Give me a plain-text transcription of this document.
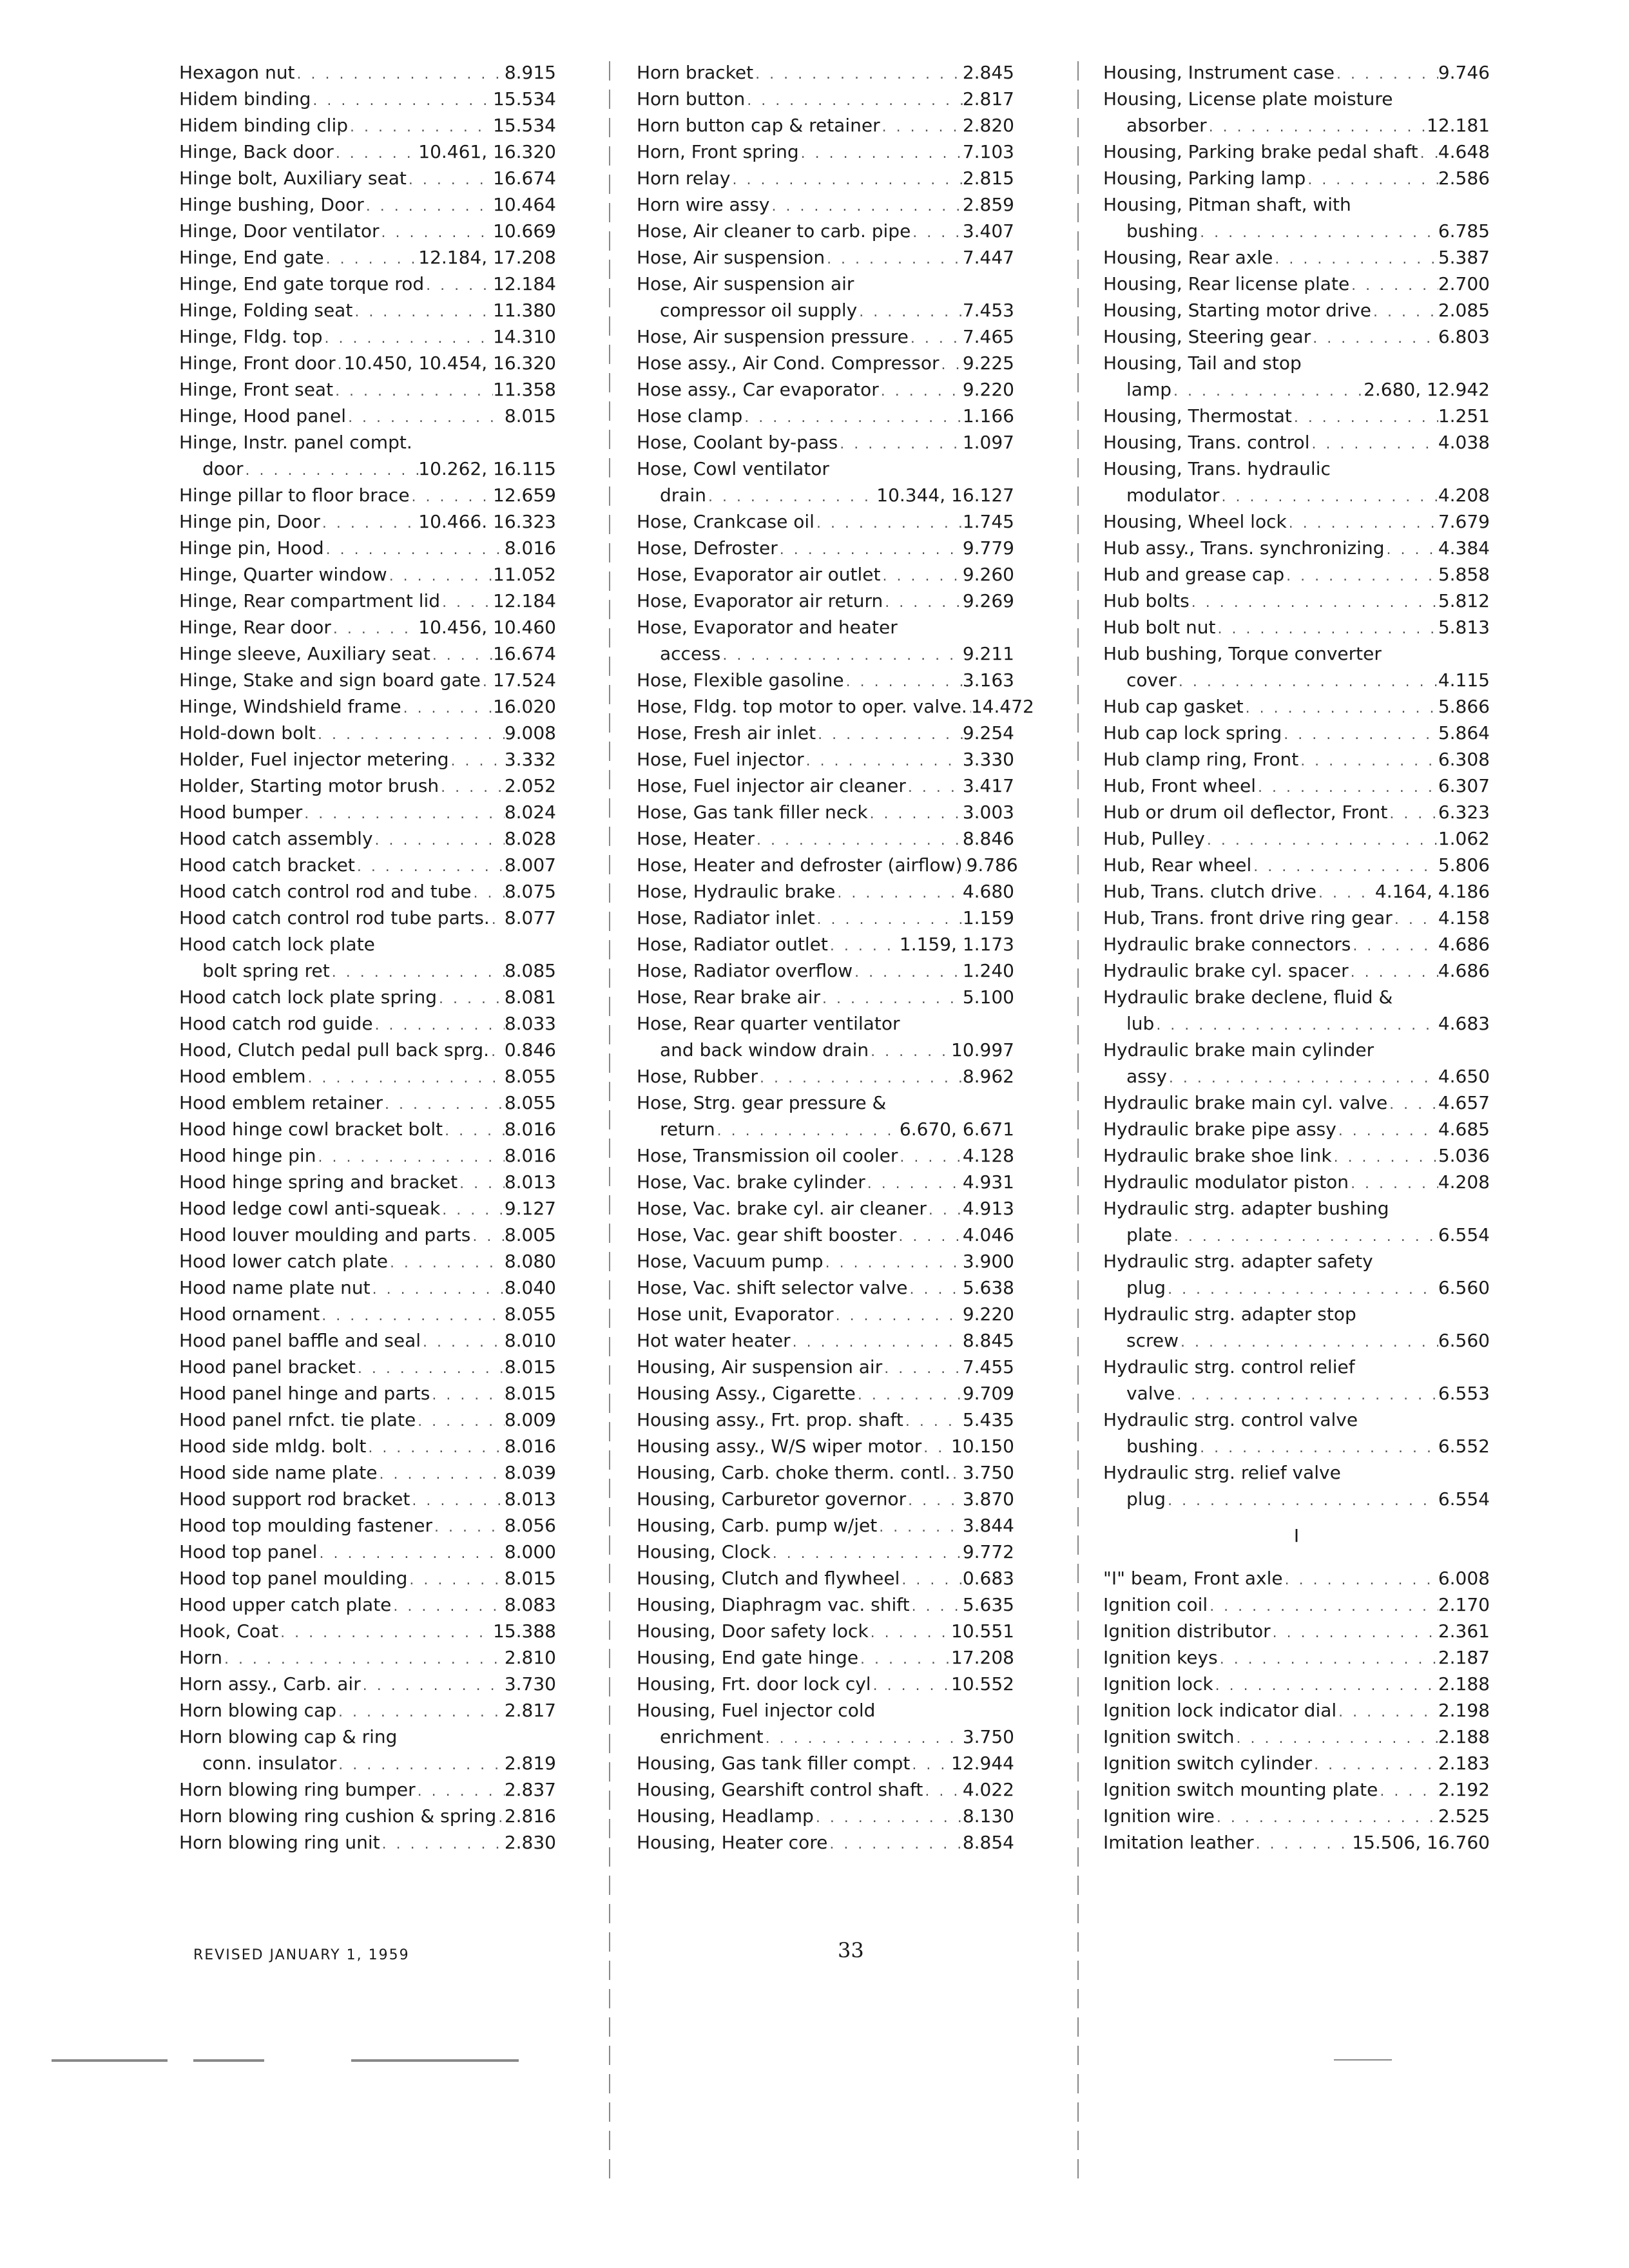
Hexagon nut . . .	8.915
Hidem binding . . .	15.534
Hidem binding clip . . .	15.534
Hinge, Back door . . .	10.461, 16.320
Hinge bolt, Auxiliary seat . . .	16.674
Hinge bushing, Door . . .	10.464
Hinge, Door ventilator . . .	10.669
Hinge, End gate . . .	12.184, 17.208
Hinge, End gate torque rod . . .	12.184
Hinge, Folding seat . . .	11.380
Hinge, Fldg. top . . .	14.310
Hinge, Front door . . . 10.450, 10.454, 16.320
Hinge, Front seat . . .	11.358
Hinge, Hood panel . . .	8.015
Hinge, Instr. panel compt.
door . . .	10.262, 16.115
Hinge pillar to floor brace . . .	12.659
Hinge pin, Door . . .	10.466. 16.323
Hinge pin, Hood . . .	8.016
Hinge, Quarter window . . .	11.052
Hinge, Rear compartment lid . . .	12.184
Hinge, Rear door . . .	10.456, 10.460
Hinge sleeve, Auxiliary seat . . .	16.674
Hinge, Stake and sign board gate . . . 17.524
Hinge, Windshield frame . . .	16.020
Hold-down bolt . . .	9.008
Holder, Fuel injector metering . . .	3.332
Holder, Starting motor brush . . .	2.052
Hood bumper . . .	8.024
Hood catch assembly . . .	8.028
Hood catch bracket . . .	8.007
Hood catch control rod and tube . . . 8.075
Hood catch control rod tube parts. . . . 8.077
Hood catch lock plate
bolt spring ret . . .	8.085
Hood catch lock plate spring . . .	8.081
Hood catch rod guide . . .	8.033
Hood, Clutch pedal pull back sprg. . . . 0.846
Hood emblem . . .	8.055
Hood emblem retainer . . .	8.055
Hood hinge cowl bracket bolt . . .	8.016
Hood hinge pin . . .	8.016
Hood hinge spring and bracket . . .	8.013
Hood ledge cowl anti-squeak . . .	9.127
Hood louver moulding and parts . . . 8.005
Hood lower catch plate . . .	8.080
Hood name plate nut . . .	8.040
Hood ornament . . .	8.055
Hood panel baffle and seal . . .	8.010
Hood panel bracket . . .	8.015
Hood panel hinge and parts . . .	8.015
Hood panel rnfct. tie plate . . .	8.009
Hood side mldg. bolt . . .	8.016
Hood side name plate . . .	8.039
Hood support rod bracket . . .	8.013
Hood top moulding fastener . . .	8.056
Hood top panel . . .	8.000
Hood top panel moulding . . .	8.015
Hood upper catch plate . . .	8.083
Hook, Coat . . .	15.388
Horn . . .	2.810
Horn assy., Carb. air . . .	3.730
Horn blowing cap . . .	2.817
Horn blowing cap & ring
conn. insulator . . .	2.819
Horn blowing ring bumper . . .	2.837
Horn blowing ring cushion & spring . . . 2.816
Horn blowing ring unit . . .	2.830
Horn bracket . . .	2.845
Horn button . . .	2.817
Horn button cap & retainer . . .	2.820
Horn, Front spring . . .	7.103
Horn relay . . .	2.815
Horn wire assy . . .	2.859
Hose, Air cleaner to carb. pipe . . .	3.407
Hose, Air suspension . . .	7.447
Hose, Air suspension air
compressor oil supply . . .	7.453
Hose, Air suspension pressure . . .	7.465
Hose assy., Air Cond. Compressor . . . 9.225
Hose assy., Car evaporator . . .	9.220
Hose clamp . . .	1.166
Hose, Coolant by-pass . . .	1.097
Hose, Cowl ventilator
drain . . .	10.344, 16.127
Hose, Crankcase oil . . .	1.745
Hose, Defroster . . .	9.779
Hose, Evaporator air outlet . . .	9.260
Hose, Evaporator air return . . .	9.269
Hose, Evaporator and heater
access . . .	9.211
Hose, Flexible gasoline . . .	3.163
Hose, Fldg. top motor to oper. valve. . . . 14.472
Hose, Fresh air inlet . . .	9.254
Hose, Fuel injector . . .	3.330
Hose, Fuel injector air cleaner . . .	3.417
Hose, Gas tank filler neck . . .	3.003
Hose, Heater . . .	8.846
Hose, Heater and defroster (airflow) . . . 9.786
Hose, Hydraulic brake . . .	4.680
Hose, Radiator inlet . . .	1.159
Hose, Radiator outlet . . .	1.159, 1.173
Hose, Radiator overflow . . .	1.240
Hose, Rear brake air . . .	5.100
Hose, Rear quarter ventilator
and back window drain . . .	10.997
Hose, Rubber . . .	8.962
Hose, Strg. gear pressure &
return . . .	6.670, 6.671
Hose, Transmission oil cooler . . .	4.128
Hose, Vac. brake cylinder . . .	4.931
Hose, Vac. brake cyl. air cleaner . . . 4.913
Hose, Vac. gear shift booster . . .	4.046
Hose, Vacuum pump . . .	3.900
Hose, Vac. shift selector valve . . .	5.638
Hose unit, Evaporator . . .	9.220
Hot water heater . . .	8.845
Housing, Air suspension air . . .	7.455
Housing Assy., Cigarette . . .	9.709
Housing assy., Frt. prop. shaft . . .	5.435
Housing assy., W/S wiper motor . . . 10.150
Housing, Carb. choke therm. contl. . . . 3.750
Housing, Carburetor governor . . .	3.870
Housing, Carb. pump w/jet . . .	3.844
Housing, Clock . . .	9.772
Housing, Clutch and flywheel . . .	0.683
Housing, Diaphragm vac. shift . . .	5.635
Housing, Door safety lock . . .	10.551
Housing, End gate hinge . . .	17.208
Housing, Frt. door lock cyl . . .	10.552
Housing, Fuel injector cold
enrichment . . .	3.750
Housing, Gas tank filler compt . . . 12.944
Housing, Gearshift control shaft . . . 4.022
Housing, Headlamp . . .	8.130
Housing, Heater core . . .	8.854
Housing, Instrument case . . .	9.746
Housing, License plate moisture
absorber . . .	12.181
Housing, Parking brake pedal shaft . . . 4.648
Housing, Parking lamp . . .	2.586
Housing, Pitman shaft, with
bushing . . .	6.785
Housing, Rear axle . . .	5.387
Housing, Rear license plate . . .	2.700
Housing, Starting motor drive . . .	2.085
Housing, Steering gear . . .	6.803
Housing, Tail and stop
lamp . . .	2.680, 12.942
Housing, Thermostat . . .	1.251
Housing, Trans. control . . .	4.038
Housing, Trans. hydraulic
modulator . . .	4.208
Housing, Wheel lock . . .	7.679
Hub assy., Trans. synchronizing . . .	4.384
Hub and grease cap . . .	5.858
Hub bolts . . .	5.812
Hub bolt nut . . .	5.813
Hub bushing, Torque converter
cover . . .	4.115
Hub cap gasket . . .	5.866
Hub cap lock spring . . .	5.864
Hub clamp ring, Front . . .	6.308
Hub, Front wheel . . .	6.307
Hub or drum oil deflector, Front . . .	6.323
Hub, Pulley . . .	1.062
Hub, Rear wheel . . .	5.806
Hub, Trans. clutch drive . . .	4.164, 4.186
Hub, Trans. front drive ring gear . . .	4.158
Hydraulic brake connectors . . .	4.686
Hydraulic brake cyl. spacer . . .	4.686
Hydraulic brake declene, fluid &
lub . . .	4.683
Hydraulic brake main cylinder
assy . . .	4.650
Hydraulic brake main cyl. valve . . .	4.657
Hydraulic brake pipe assy . . .	4.685
Hydraulic brake shoe link . . .	5.036
Hydraulic modulator piston . . .	4.208
Hydraulic strg. adapter bushing
plate . . .	6.554
Hydraulic strg. adapter safety
plug . . .	6.560
Hydraulic strg. adapter stop
screw . . .	6.560
Hydraulic strg. control relief
valve . . .	6.553
Hydraulic strg. control valve
bushing . . .	6.552
Hydraulic strg. relief valve
plug . . .	6.554
I
"I" beam, Front axle . . .	6.008
Ignition coil . . .	2.170
Ignition distributor . . .	2.361
Ignition keys . . .	2.187
Ignition lock . . .	2.188
Ignition lock indicator dial . . .	2.198
Ignition switch . . .	2.188
Ignition switch cylinder . . .	2.183
Ignition switch mounting plate . . .	2.192
Ignition wire . . .	2.525
Imitation leather . . .	15.506, 16.760
REVISED JANUARY 1, 1959	33
